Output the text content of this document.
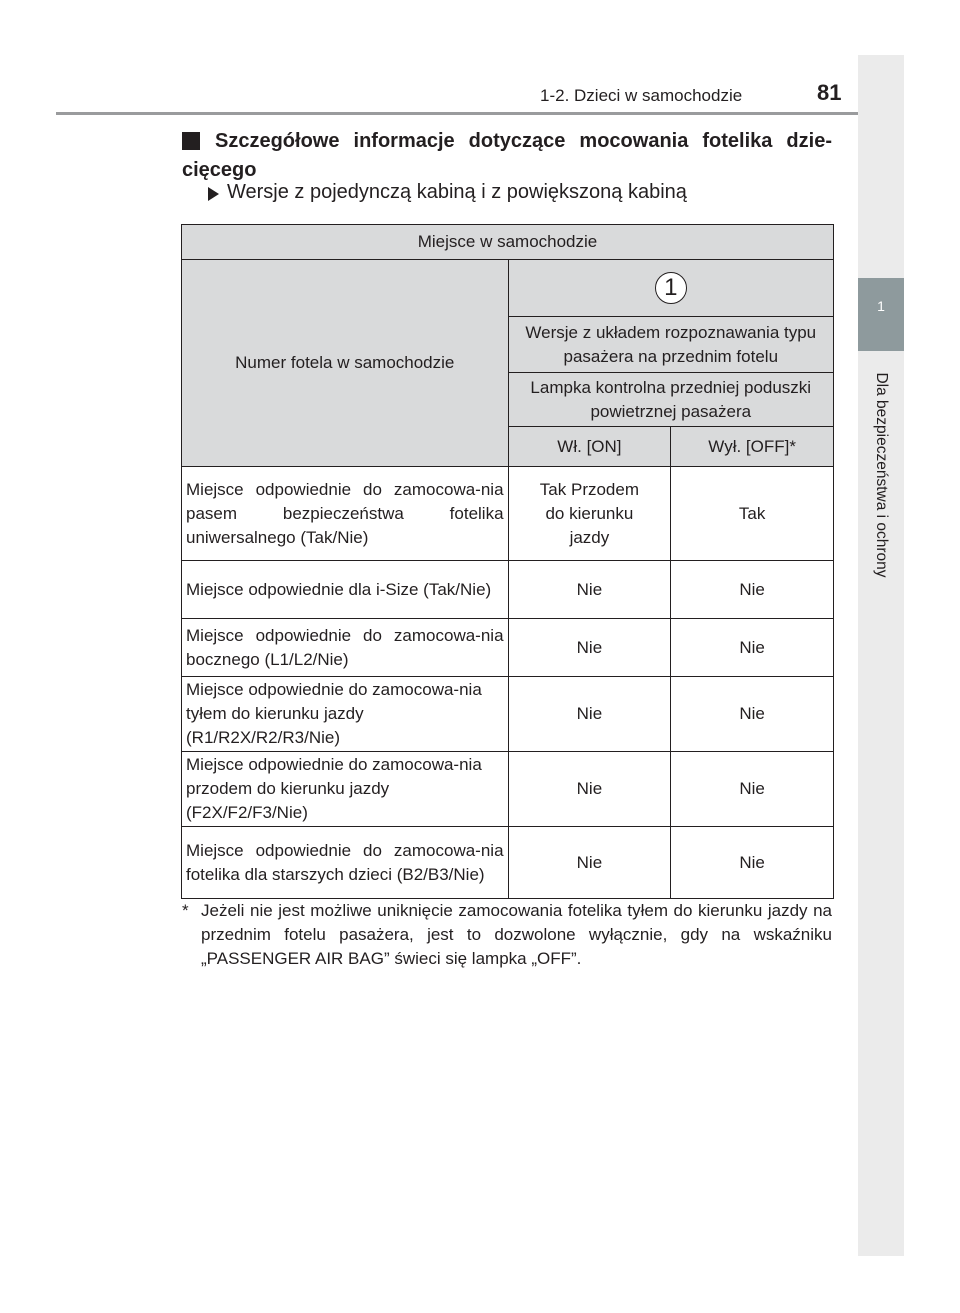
1-2. Dzieci w samochodzie	81
1
Dla bezpieczeństwa i ochrony
Szczegółowe informacje dotyczące mocowania fotelika dzie-cięcego
Wersje z pojedynczą kabiną i z powiększoną kabiną
Miejsce w samochodzie		
Numer fotela w samochodzie	1	
	Wersje z układem rozpoznawania typu pasażera na przednim fotelu	
	Lampka kontrolna przedniej poduszki powietrznej pasażera	
	Wł. [ON]	Wył. [OFF]*
Miejsce odpowiednie do zamocowa-nia pasem bezpieczeństwa fotelika uniwersalnego (Tak/Nie)	Tak Przodem do kierunku jazdy	Tak
Miejsce odpowiednie dla i-Size (Tak/Nie)	Nie	Nie
Miejsce odpowiednie do zamocowa-nia bocznego (L1/L2/Nie)	Nie	Nie
Miejsce odpowiednie do zamocowa-nia tyłem do kierunku jazdy (R1/R2X/R2/R3/Nie)	Nie	Nie
Miejsce odpowiednie do zamocowa-nia przodem do kierunku jazdy (F2X/F2/F3/Nie)	Nie	Nie
Miejsce odpowiednie do zamocowa-nia fotelika dla starszych dzieci (B2/B3/Nie)	Nie	Nie
* Jeżeli nie jest możliwe uniknięcie zamocowania fotelika tyłem do kierunku jazdy na przednim fotelu pasażera, jest to dozwolone wyłącznie, gdy na wskaźniku „PASSENGER AIR BAG” świeci się lampka „OFF”.
